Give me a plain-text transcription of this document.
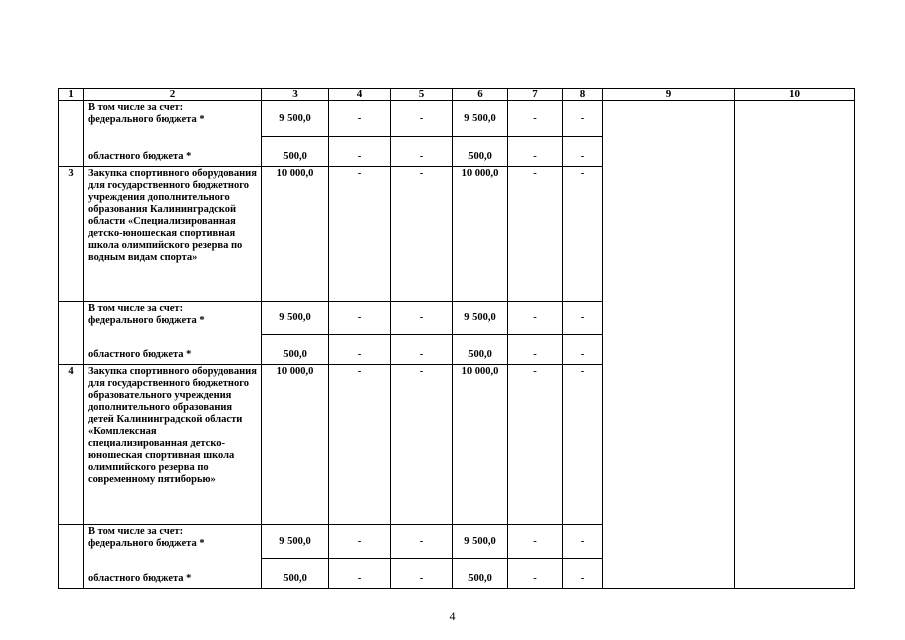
1	2	3	4	5	6	7	8	9	10

	В том числе за счет:
федерального бюджета *	9 500,0	-	-	9 500,0	-	-		
	областного бюджета *	500,0	-	-	500,0	-	-		
3	Закупка спортивного оборудования для государственного бюджетного учреждения дополнительного образования Калининградской области «Специализированная детско-юношеская спортивная школа олимпийского резерва по водным видам спорта»	10 000,0	-	-	10 000,0	-	-		

	В том числе за счет:
федерального бюджета *	9 500,0	-	-	9 500,0	-	-		
	областного бюджета *	500,0	-	-	500,0	-	-		
4	Закупка спортивного оборудования для государственного бюджетного образовательного учреждения дополнительного образования детей Калининградской области «Комплексная специализированная детско-юношеская спортивная школа олимпийского резерва по современному пятиборью»	10 000,0	-	-	10 000,0	-	-		

	В том числе за счет:
федерального бюджета *	9 500,0	-	-	9 500,0	-	-		
	областного бюджета *	500,0	-	-	500,0	-	-		
4
